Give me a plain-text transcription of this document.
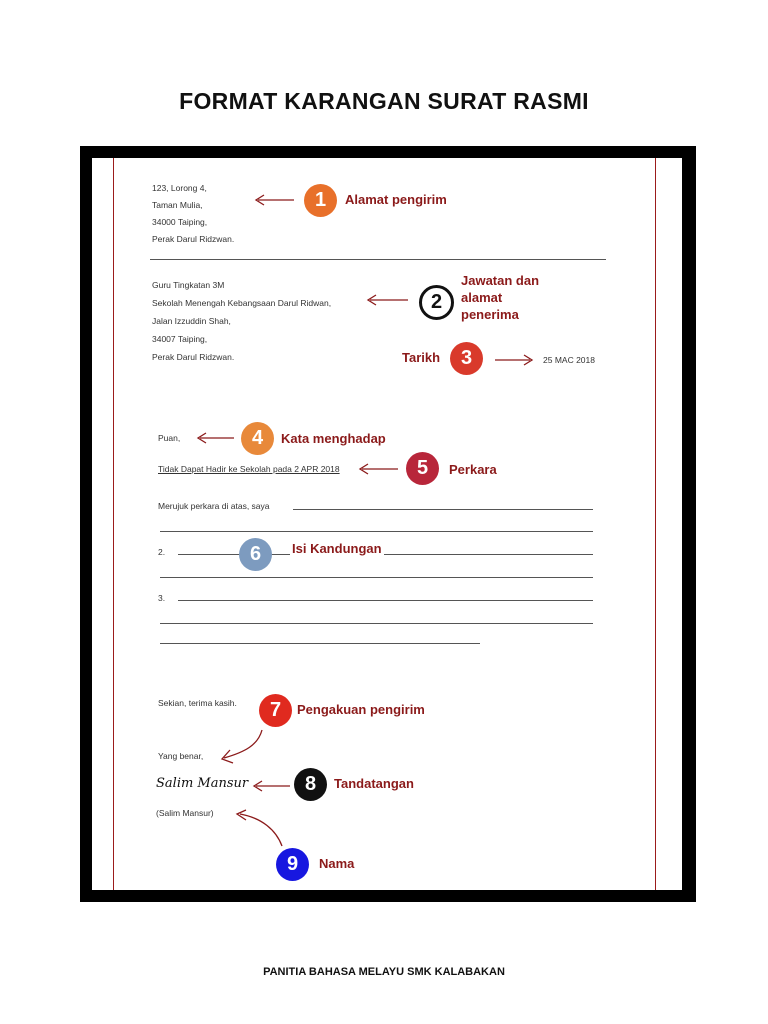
FORMAT KARANGAN SURAT RASMI
123, Lorong 4,
Taman Mulia,
34000 Taiping,
Perak Darul Ridzwan.
1	Alamat pengirim
Guru Tingkatan 3M
Sekolah Menengah Kebangsaan Darul Ridwan,
Jalan Izzuddin Shah,
34007 Taiping,
Perak Darul Ridzwan.
2
Jawatan dan
alamat
penerima
Tarikh	3	25 MAC 2018
Puan,	4	Kata menghadap
Tidak Dapat Hadir ke Sekolah pada 2 APR 2018	5	Perkara
Merujuk perkara di atas, saya
2.
3.
6	Isi Kandungan
Sekian, terima kasih.	7	Pengakuan pengirim
Yang benar,
Salim Mansur	8	Tandatangan
(Salim Mansur)
9	Nama
PANITIA BAHASA MELAYU SMK KALABAKAN
